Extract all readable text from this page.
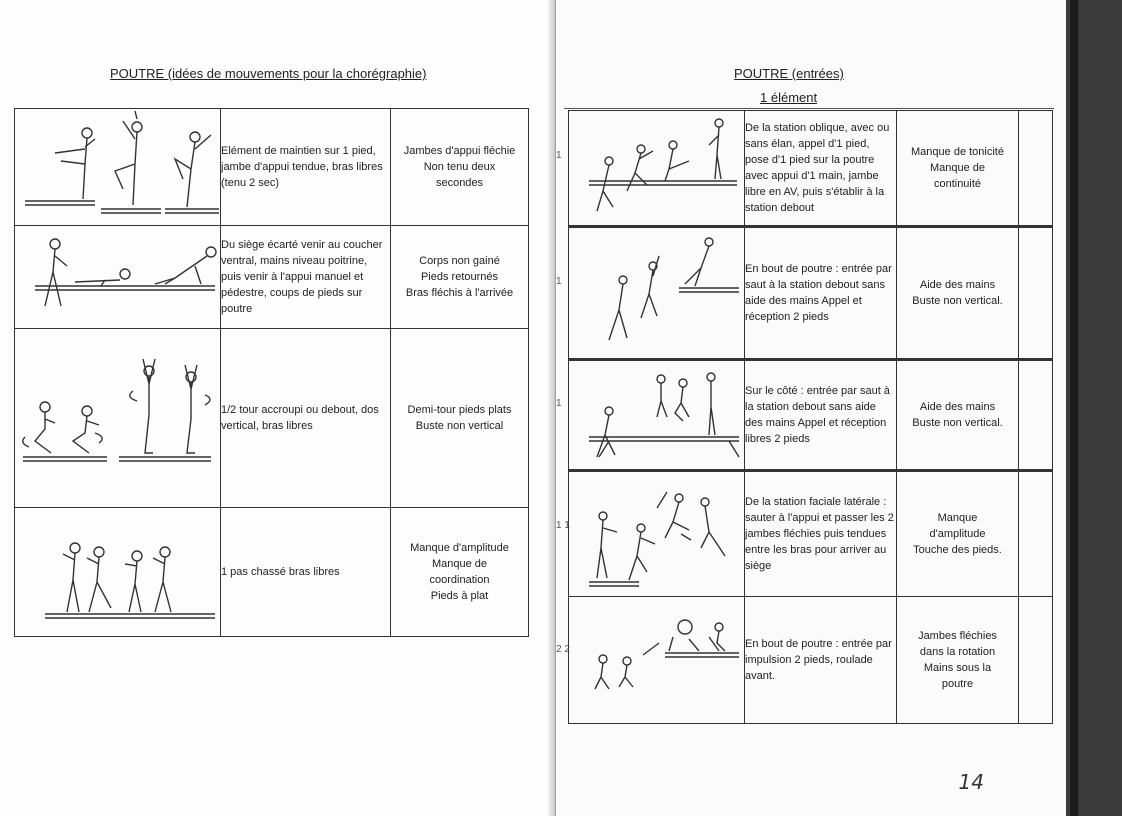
POUTRE (idées de mouvements pour la chorégraphie)
	Elément de maintien sur 1 pied, jambe d'appui tendue, bras libres (tenu 2 sec)	Jambes d'appui fléchie
Non tenu deux
secondes

	Du siège écarté venir au coucher ventral, mains niveau poitrine, puis venir à l'appui manuel et pédestre, coups de pieds sur poutre	Corps non gainé
Pieds retournés
Bras fléchis à l'arrivée

	1/2 tour accroupi ou debout, dos vertical, bras libres	Demi-tour pieds plats
Buste non vertical

	1 pas chassé bras libres	Manque d'amplitude
Manque de
coordination
Pieds à plat
POUTRE (entrées)
1 élément
1
1
1
1 1
2 2
	De la station oblique, avec ou sans élan, appel d'1 pied, pose d'1 pied sur la poutre avec appui d'1 main, jambe libre en AV, puis s'établir à la station debout	Manque de tonicité
Manque de
continuité	

	En bout de poutre : entrée par saut à la station debout sans aide des mains Appel et réception 2 pieds	Aide des mains
Buste non vertical.	

	Sur le côté : entrée par saut à la station debout sans aide des mains Appel et réception libres 2 pieds	Aide des mains
Buste non vertical.	

	De la station faciale latérale : sauter à l'appui et passer les 2 jambes fléchies puis tendues entre les bras pour arriver au siège	Manque
d'amplitude
Touche des pieds.	

	En bout de poutre : entrée par impulsion 2 pieds, roulade avant.	Jambes fléchies
dans la rotation
Mains sous la
poutre	

14
